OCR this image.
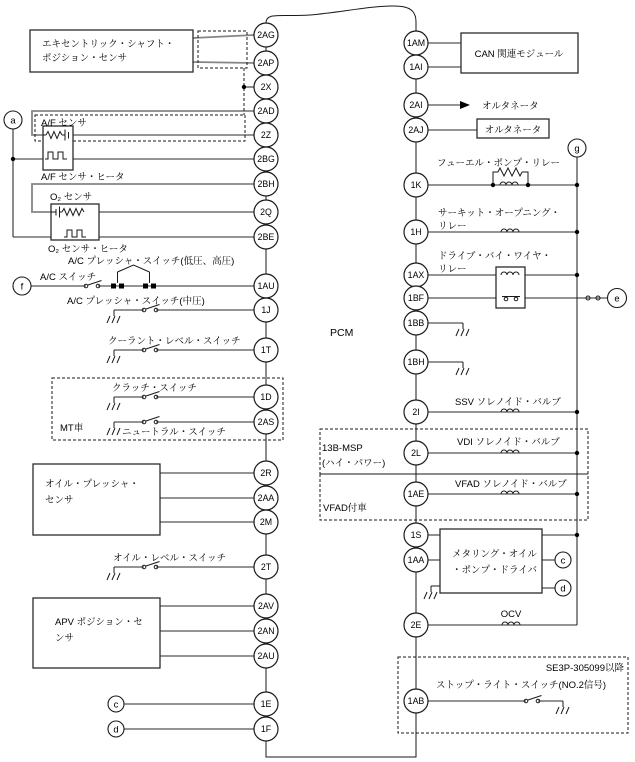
2AG
2AP
2X
2AD
2Z
2BG
2BH
2Q
2BE
1AU
1J
1T
1D
2AS
2R
2AA
2M
2T
2AV
2AN
2AU
1E
1F
1AM
1AI
2AI
2AJ
1K
1H
1AX
1BF
1BB
1BH
2I
2L
1AE
1S
1AA
2E
1AB
a
f
c
d
g
e
c
d
エキセントリック・シャフト・
ポジション・センサ
A/F センサ
A/F センサ・ヒータ
O₂ センサ
O₂ センサ・ヒータ
A/C プレッシャ・スイッチ(低圧、高圧)
A/C スイッチ
A/C プレッシャ・スイッチ(中圧)
クーラント・レベル・スイッチ
クラッチ・スイッチ
MT車	ニュートラル・スイッチ
オイル・プレッシャ・
センサ
オイル・レベル・スイッチ
APV ポジション・セ
ンサ
CAN 関連モジュール
オルタネータ
オルタネータ
フューエル・ポンプ・リレー
サーキット・オープニング・
リレー
ドライブ・バイ・ワイヤ・
リレー
PCM
SSV ソレノイド・バルブ
13B-MSP
(ハイ・パワー)
VDI ソレノイド・バルブ
VFAD付車
VFAD ソレノイド・バルブ
メタリング・オイル
・ポンプ・ドライバ
OCV
SE3P-305099以降
ストップ・ライト・スイッチ(NO.2信号)
